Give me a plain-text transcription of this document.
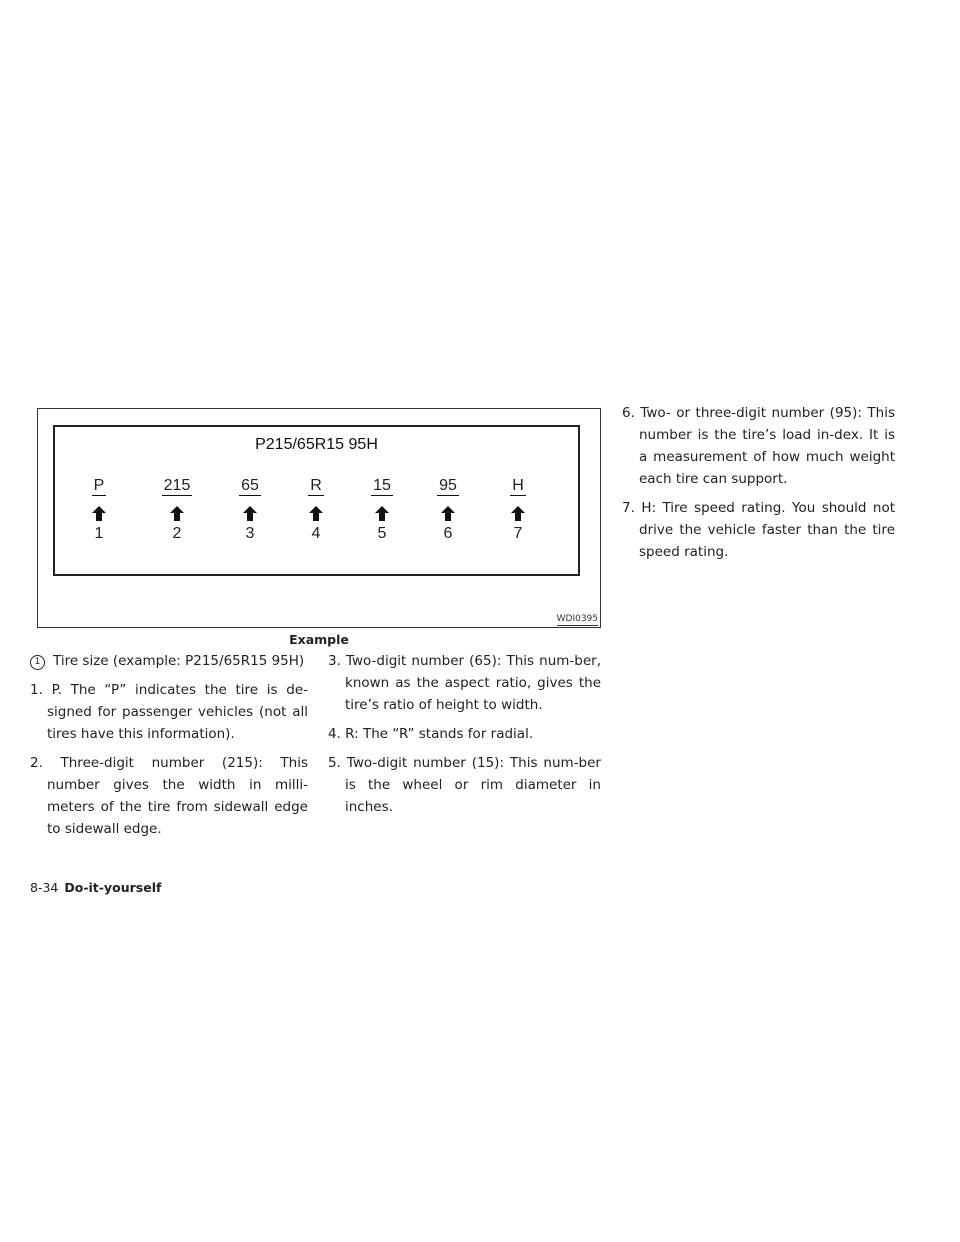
P215/65R15 95H
P
1
215
2
65
3
R
4
15
5
95
6
H
7
WDI0395
Example

1 Tire size (example: P215/65R15 95H)

1. P. The “P” indicates the tire is de-signed for passenger vehicles (not all tires have this information).

2. Three-digit number (215): This number gives the width in milli-meters of the tire from sidewall edge to sidewall edge.

3. Two-digit number (65): This num-ber, known as the aspect ratio, gives the tire’s ratio of height to width.

4. R: The “R” stands for radial.

5. Two-digit number (15): This num-ber is the wheel or rim diameter in inches.

6. Two- or three-digit number (95): This number is the tire’s load in-dex. It is a measurement of how much weight each tire can support.

7. H: Tire speed rating. You should not drive the vehicle faster than the tire speed rating.

8-34 Do-it-yourself
